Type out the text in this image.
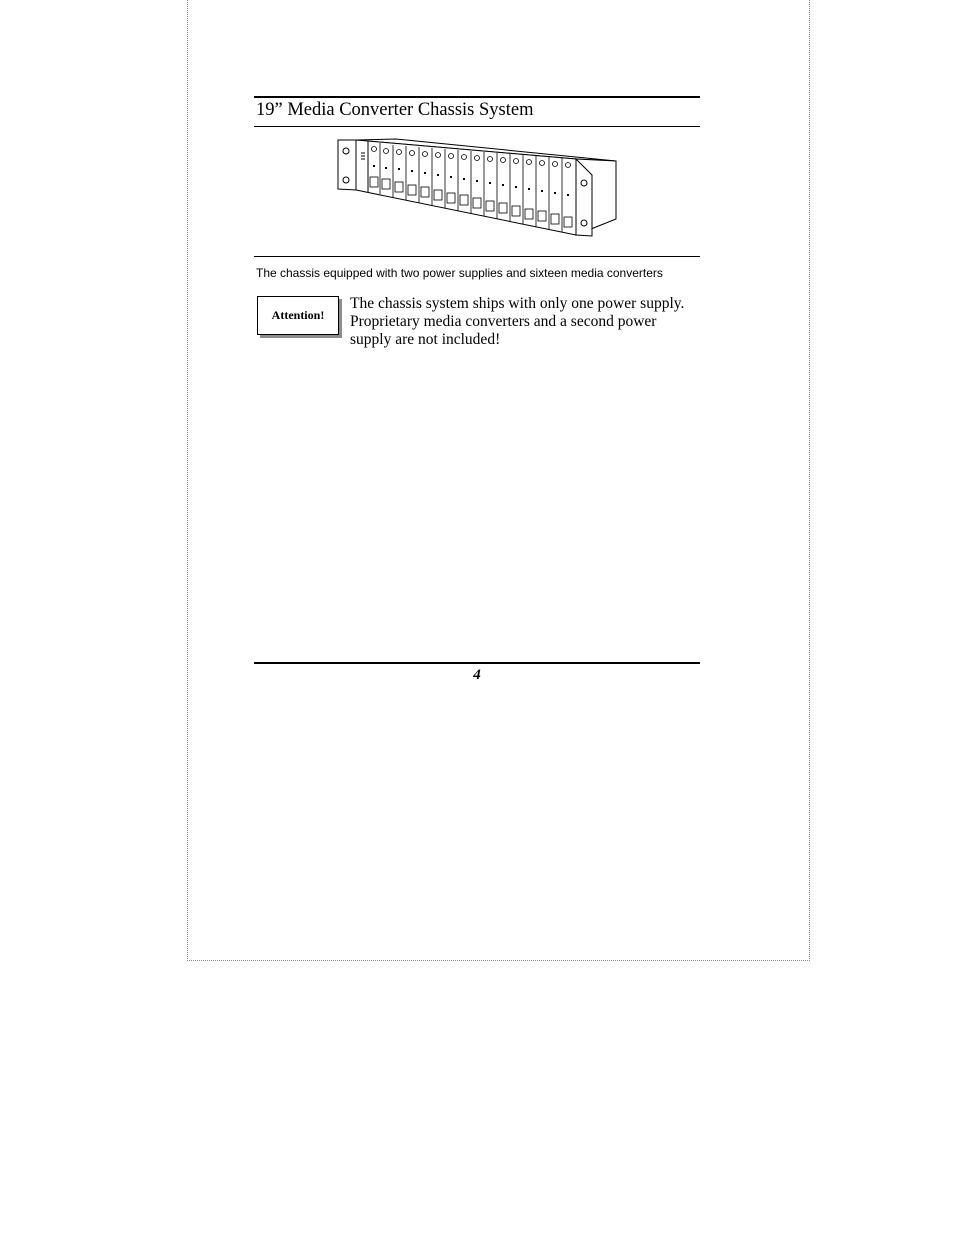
19” Media Converter Chassis System
The chassis equipped with two power supplies and sixteen media converters
Attention!
The chassis system ships with only one power supply. Proprietary media converters and a second power supply are not included!
4
